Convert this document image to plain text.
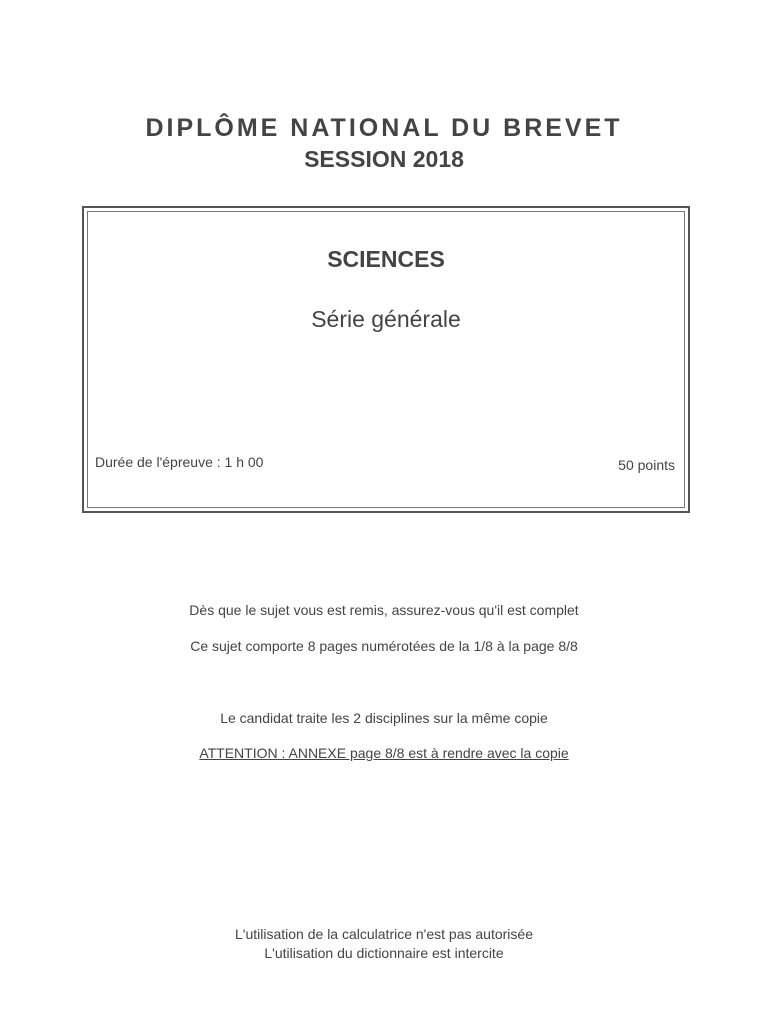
DIPLÔME NATIONAL DU BREVET
SESSION 2018
SCIENCES
Série générale
Durée de l'épreuve : 1 h 00	50 points
Dès que le sujet vous est remis, assurez-vous qu'il est complet
Ce sujet comporte 8 pages numérotées de la 1/8 à la page 8/8
Le candidat traite les 2 disciplines sur la même copie
ATTENTION : ANNEXE page 8/8 est à rendre avec la copie
L'utilisation de la calculatrice n'est pas autorisée
L'utilisation du dictionnaire est intercite
